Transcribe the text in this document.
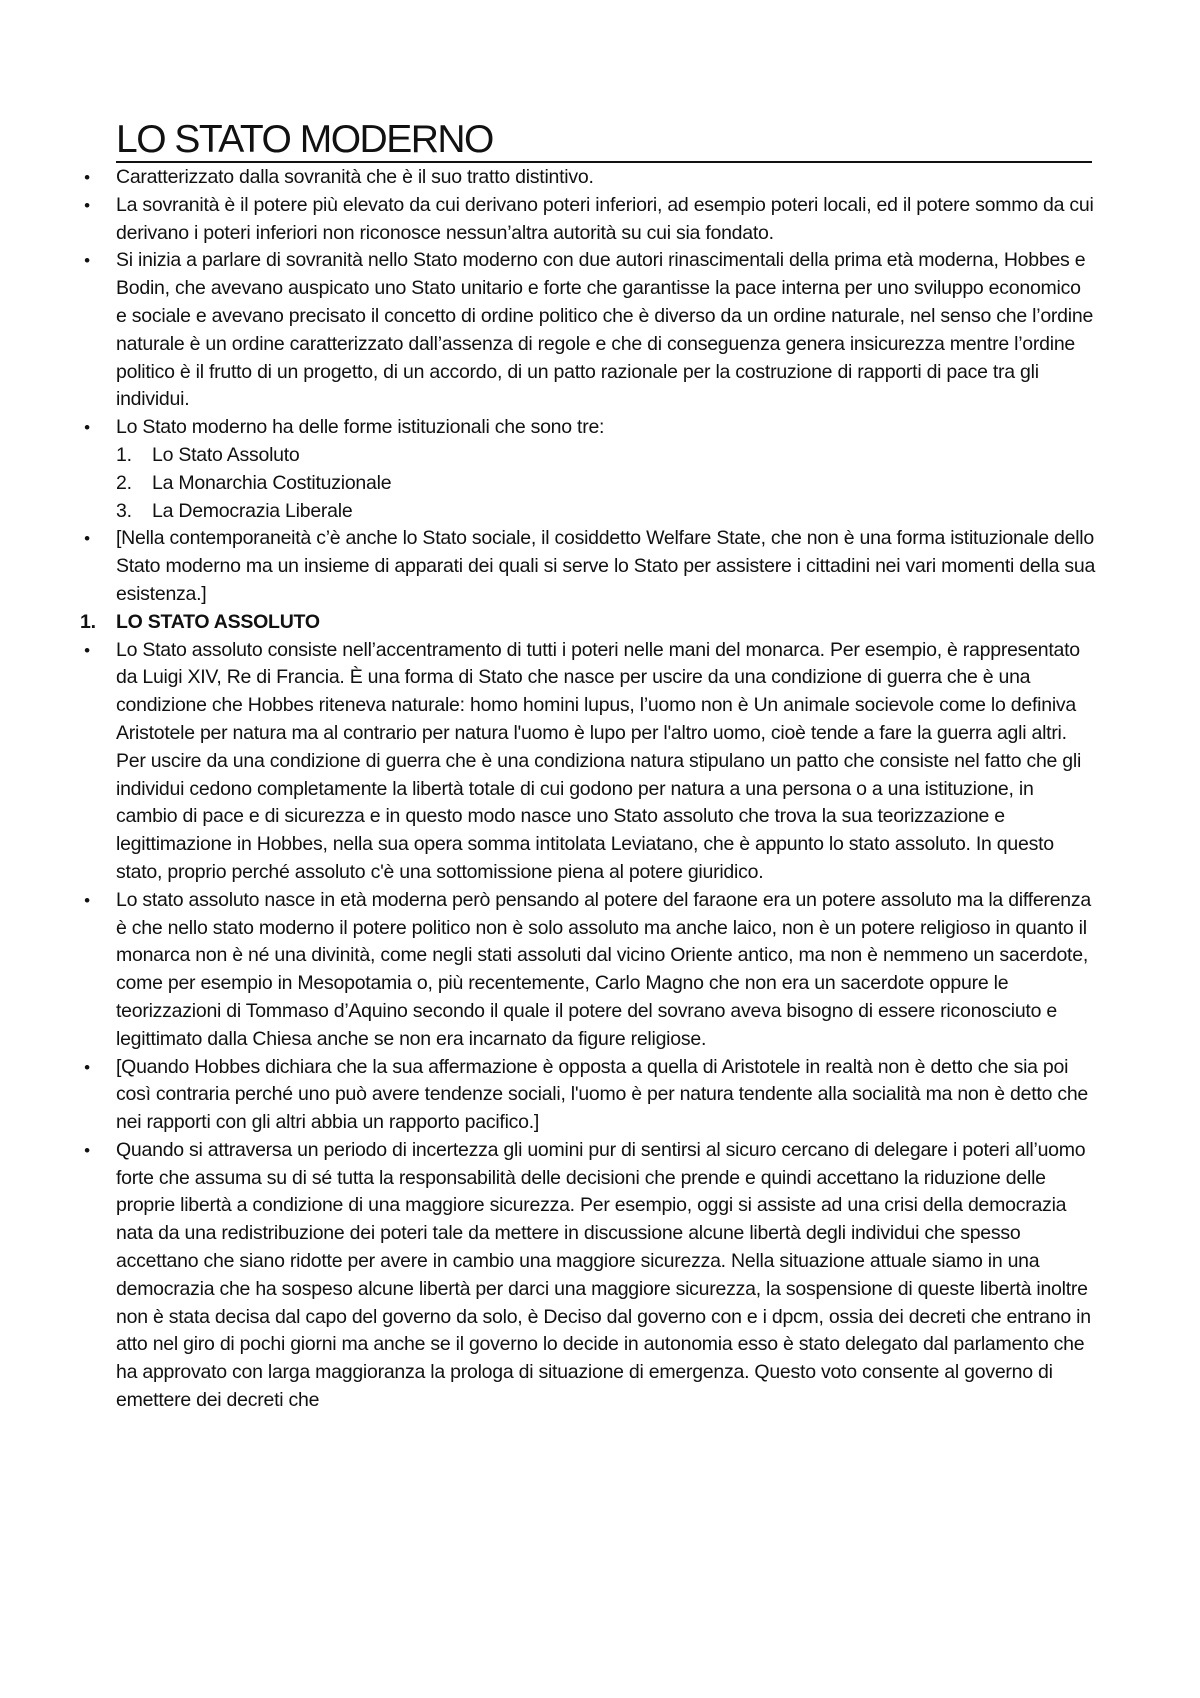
LO STATO MODERNO

• Caratterizzato dalla sovranità che è il suo tratto distintivo.

• La sovranità è il potere più elevato da cui derivano poteri inferiori, ad esempio poteri locali, ed il potere sommo da cui derivano i poteri inferiori non riconosce nessun’altra autorità su cui sia fondato.

• Si inizia a parlare di sovranità nello Stato moderno con due autori rinascimentali della prima età moderna, Hobbes e Bodin, che avevano auspicato uno Stato unitario e forte che garantisse la pace interna per uno sviluppo economico e sociale e avevano precisato il concetto di ordine politico che è diverso da un ordine naturale, nel senso che l’ordine naturale è un ordine caratterizzato dall’assenza di regole e che di conseguenza genera insicurezza mentre l’ordine politico è il frutto di un progetto, di un accordo, di un patto razionale per la costruzione di rapporti di pace tra gli individui.

• Lo Stato moderno ha delle forme istituzionali che sono tre:

1.	Lo Stato Assoluto

2.	La Monarchia Costituzionale

3.	La Democrazia Liberale

• [Nella contemporaneità c’è anche lo Stato sociale, il cosiddetto Welfare State, che non è una forma istituzionale dello Stato moderno ma un insieme di apparati dei quali si serve lo Stato per assistere i cittadini nei vari momenti della sua esistenza.]

1. LO STATO ASSOLUTO

• Lo Stato assoluto consiste nell’accentramento di tutti i poteri nelle mani del monarca. Per esempio, è rappresentato da Luigi XIV, Re di Francia. È una forma di Stato che nasce per uscire da una condizione di guerra che è una condizione che Hobbes riteneva naturale: homo homini lupus, l’uomo non è Un animale socievole come lo definiva Aristotele per natura ma al contrario per natura l'uomo è lupo per l'altro uomo, cioè tende a fare la guerra agli altri. Per uscire da una condizione di guerra che è una condiziona natura stipulano un patto che consiste nel fatto che gli individui cedono completamente la libertà totale di cui godono per natura a una persona o a una istituzione, in cambio di pace e di sicurezza e in questo modo nasce uno Stato assoluto che trova la sua teorizzazione e legittimazione in Hobbes, nella sua opera somma intitolata Leviatano, che è appunto lo stato assoluto. In questo stato, proprio perché assoluto c'è una sottomissione piena al potere giuridico.

• Lo stato assoluto nasce in età moderna però pensando al potere del faraone era un potere assoluto ma la differenza è che nello stato moderno il potere politico non è solo assoluto ma anche laico, non è un potere religioso in quanto il monarca non è né una divinità, come negli stati assoluti dal vicino Oriente antico, ma non è nemmeno un sacerdote, come per esempio in Mesopotamia o, più recentemente, Carlo Magno che non era un sacerdote oppure le teorizzazioni di Tommaso d’Aquino secondo il quale il potere del sovrano aveva bisogno di essere riconosciuto e legittimato dalla Chiesa anche se non era incarnato da figure religiose.

• [Quando Hobbes dichiara che la sua affermazione è opposta a quella di Aristotele in realtà non è detto che sia poi così contraria perché uno può avere tendenze sociali, l'uomo è per natura tendente alla socialità ma non è detto che nei rapporti con gli altri abbia un rapporto pacifico.]

• Quando si attraversa un periodo di incertezza gli uomini pur di sentirsi al sicuro cercano di delegare i poteri all’uomo forte che assuma su di sé tutta la responsabilità delle decisioni che prende e quindi accettano la riduzione delle proprie libertà a condizione di una maggiore sicurezza. Per esempio, oggi si assiste ad una crisi della democrazia nata da una redistribuzione dei poteri tale da mettere in discussione alcune libertà degli individui che spesso accettano che siano ridotte per avere in cambio una maggiore sicurezza. Nella situazione attuale siamo in una democrazia che ha sospeso alcune libertà per darci una maggiore sicurezza, la sospensione di queste libertà inoltre non è stata decisa dal capo del governo da solo, è Deciso dal governo con e i dpcm, ossia dei decreti che entrano in atto nel giro di pochi giorni ma anche se il governo lo decide in autonomia esso è stato delegato dal parlamento che ha approvato con larga maggioranza la prologa di situazione di emergenza. Questo voto consente al governo di emettere dei decreti che
